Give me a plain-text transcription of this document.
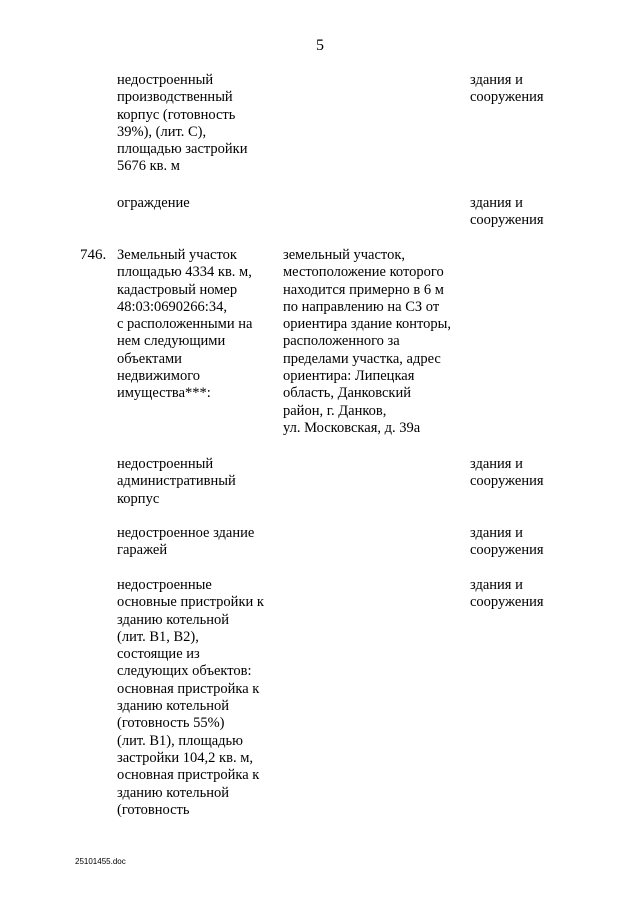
5
недостроенный
производственный
корпус (готовность
39%), (лит. С),
площадью застройки
5676 кв. м
здания и
сооружения
ограждение	здания и
сооружения
746. Земельный участок
площадью 4334 кв. м,
кадастровый номер
48:03:0690266:34,
с расположенными на
нем следующими
объектами
недвижимого
имущества***:
земельный участок,
местоположение которого
находится примерно в 6 м
по направлению на СЗ от
ориентира здание конторы,
расположенного за
пределами участка, адрес
ориентира: Липецкая
область, Данковский
район, г. Данков,
ул. Московская, д. 39а
недостроенный
административный
корпус
здания и
сооружения
недостроенное здание
гаражей
здания и
сооружения
недостроенные
основные пристройки к
зданию котельной
(лит. В1, В2),
состоящие из
следующих объектов:
основная пристройка к
зданию котельной
(готовность 55%)
(лит. В1), площадью
застройки 104,2 кв. м,
основная пристройка к
зданию котельной
(готовность
здания и
сооружения
25101455.doc
